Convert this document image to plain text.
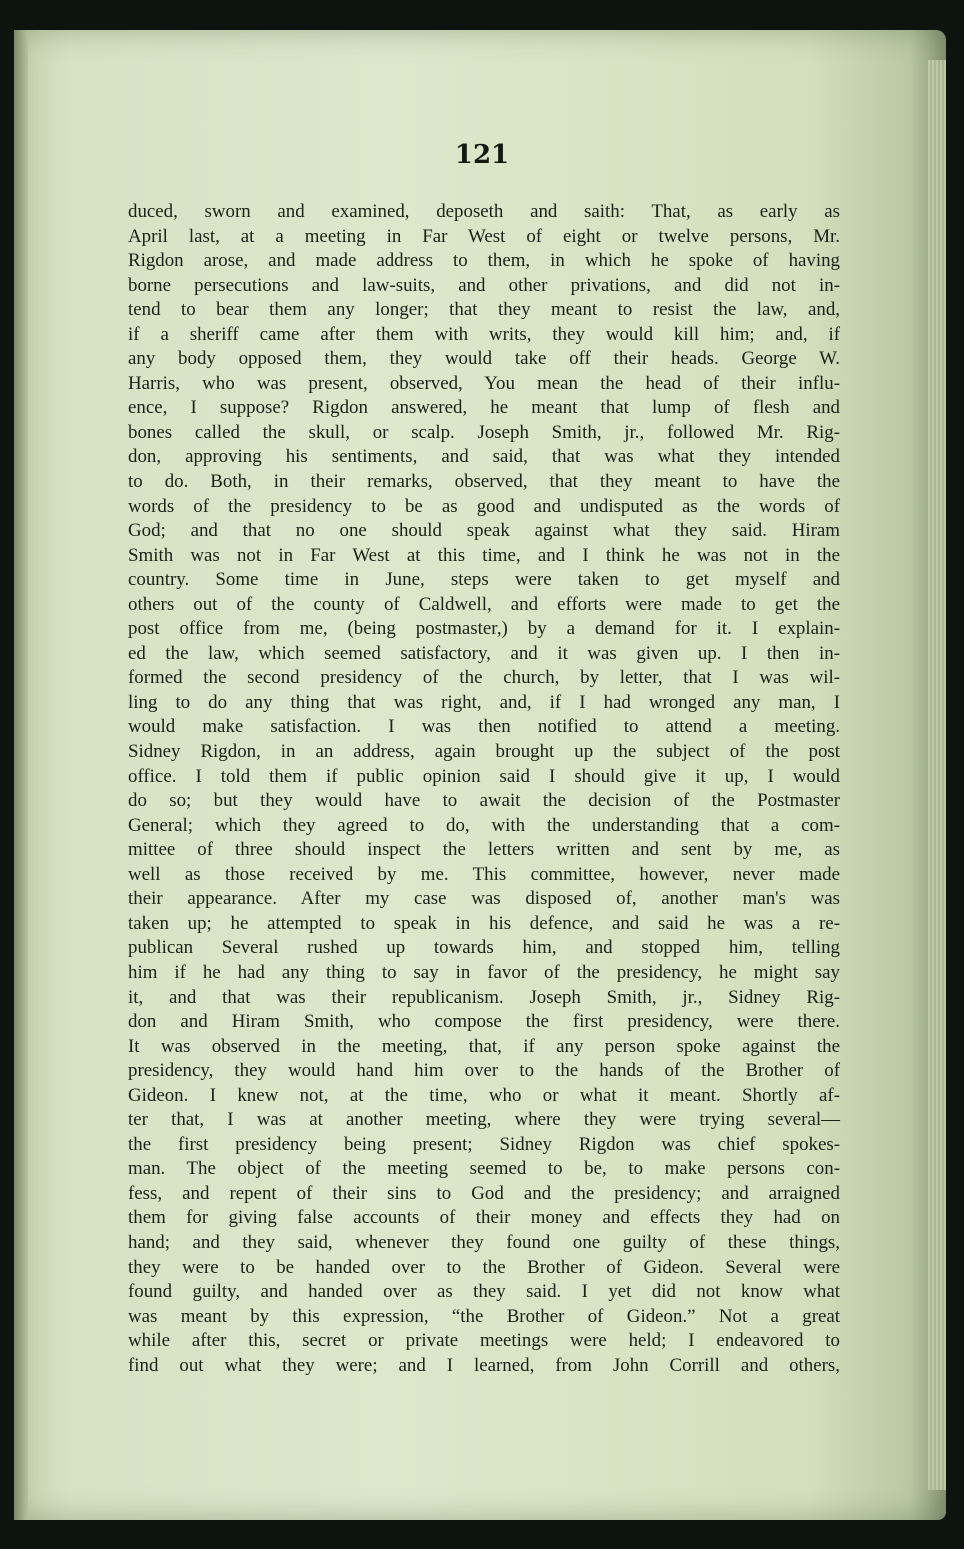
121
duced, sworn and examined, deposeth and saith: That, as early as
April last, at a meeting in Far West of eight or twelve persons, Mr.
Rigdon arose, and made address to them, in which he spoke of having
borne persecutions and law-suits, and other privations, and did not in-
tend to bear them any longer; that they meant to resist the law, and,
if a sheriff came after them with writs, they would kill him; and, if
any body opposed them, they would take off their heads. George W.
Harris, who was present, observed, You mean the head of their influ-
ence, I suppose? Rigdon answered, he meant that lump of flesh and
bones called the skull, or scalp. Joseph Smith, jr., followed Mr. Rig-
don, approving his sentiments, and said, that was what they intended
to do. Both, in their remarks, observed, that they meant to have the
words of the presidency to be as good and undisputed as the words of
God; and that no one should speak against what they said. Hiram
Smith was not in Far West at this time, and I think he was not in the
country. Some time in June, steps were taken to get myself and
others out of the county of Caldwell, and efforts were made to get the
post office from me, (being postmaster,) by a demand for it. I explain-
ed the law, which seemed satisfactory, and it was given up. I then in-
formed the second presidency of the church, by letter, that I was wil-
ling to do any thing that was right, and, if I had wronged any man, I
would make satisfaction. I was then notified to attend a meeting.
Sidney Rigdon, in an address, again brought up the subject of the post
office. I told them if public opinion said I should give it up, I would
do so; but they would have to await the decision of the Postmaster
General; which they agreed to do, with the understanding that a com-
mittee of three should inspect the letters written and sent by me, as
well as those received by me. This committee, however, never made
their appearance. After my case was disposed of, another man's was
taken up; he attempted to speak in his defence, and said he was a re-
publican Several rushed up towards him, and stopped him, telling
him if he had any thing to say in favor of the presidency, he might say
it, and that was their republicanism. Joseph Smith, jr., Sidney Rig-
don and Hiram Smith, who compose the first presidency, were there.
It was observed in the meeting, that, if any person spoke against the
presidency, they would hand him over to the hands of the Brother of
Gideon. I knew not, at the time, who or what it meant. Shortly af-
ter that, I was at another meeting, where they were trying several—
the first presidency being present; Sidney Rigdon was chief spokes-
man. The object of the meeting seemed to be, to make persons con-
fess, and repent of their sins to God and the presidency; and arraigned
them for giving false accounts of their money and effects they had on
hand; and they said, whenever they found one guilty of these things,
they were to be handed over to the Brother of Gideon. Several were
found guilty, and handed over as they said. I yet did not know what
was meant by this expression, “the Brother of Gideon.” Not a great
while after this, secret or private meetings were held; I endeavored to
find out what they were; and I learned, from John Corrill and others,
